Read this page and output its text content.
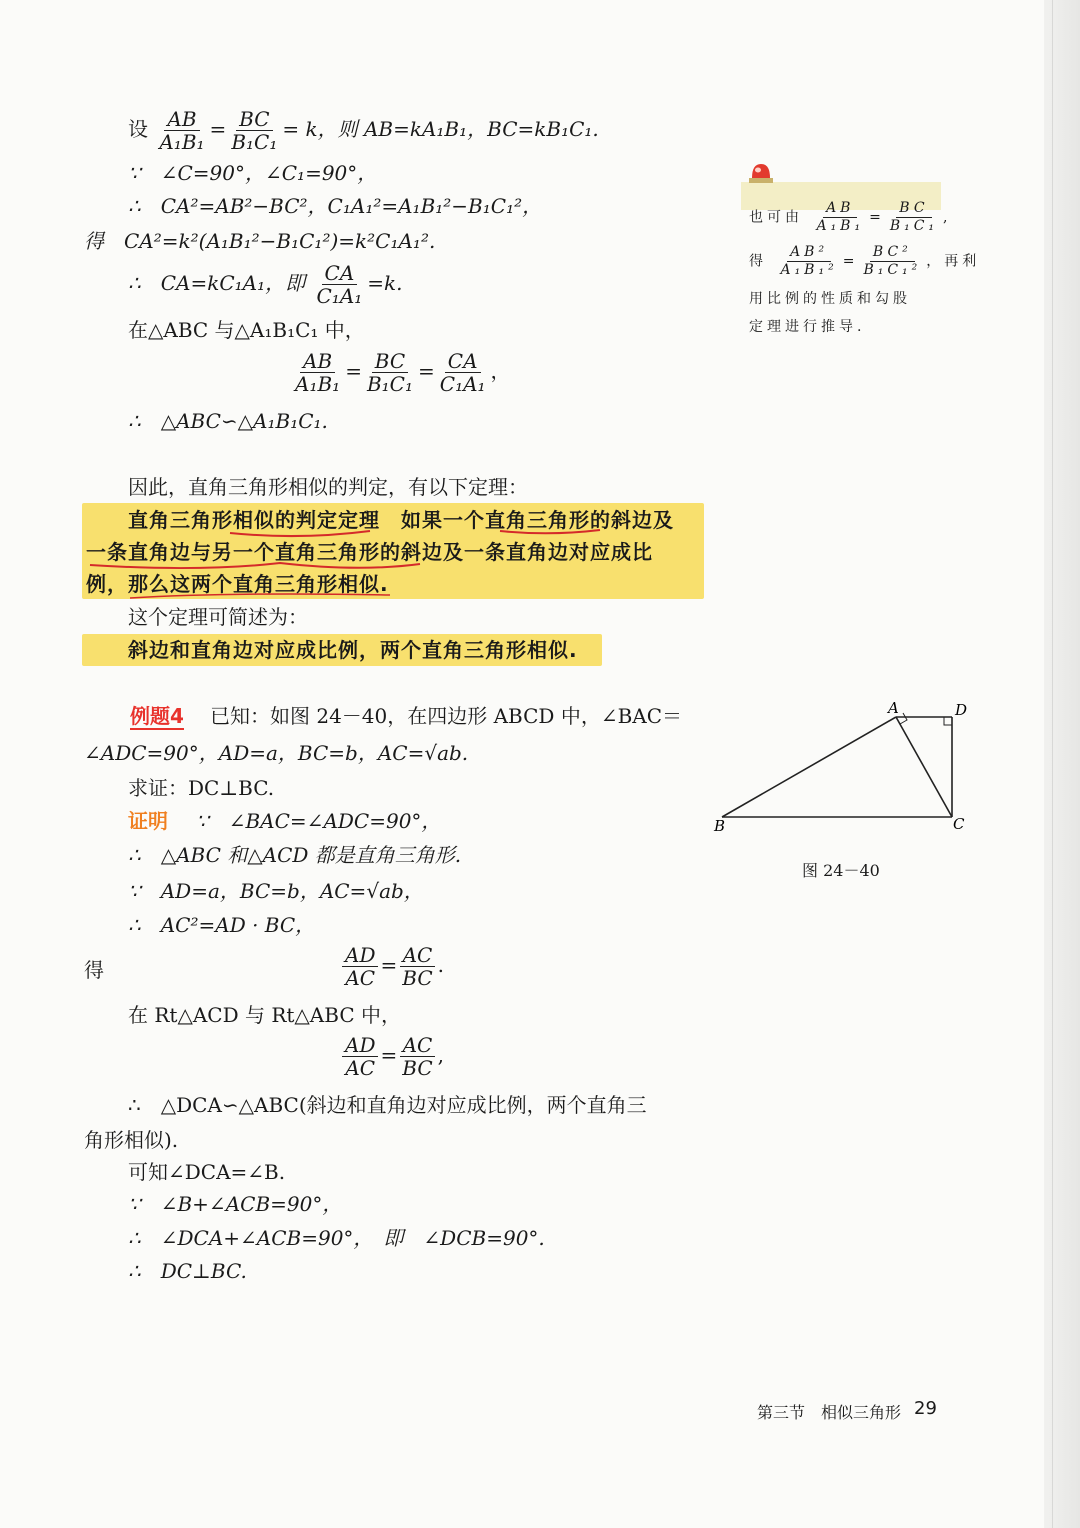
设 $\frac{AB}{\text{A₁B₁}} = \frac{BC}{\text{B₁C₁}} = k$，则 AB=kA₁B₁，BC=kB₁C₁.
∵　∠C=90°，∠C₁=90°，
∴　CA²=AB²−BC²，C₁A₁²=A₁B₁²−B₁C₁²，
得　CA²=k²(A₁B₁²−B₁C₁²)=k²C₁A₁².
∴　CA=kC₁A₁，即 $\frac{CA}{\text{C₁A₁}} =k$.
在△ABC 与△A₁B₁C₁ 中，
$\frac{AB}{\text{A₁B₁}} = \frac{BC}{\text{B₁C₁}} = \frac{CA}{\text{C₁A₁}}$ ，
∴　△ABC∽△A₁B₁C₁.
也可由 $\frac{AB}{\text{A₁B₁}} = \frac{BC}{\text{B₁C₁}}$ ,
得 $\frac{\text{AB²}}{\text{A₁B₁²}} = \frac{\text{BC²}}{\text{B₁C₁²}}$ ，再利
用比例的性质和勾股
定理进行推导.
因此，直角三角形相似的判定，有以下定理：
直角三角形相似的判定定理　 如果一个直角三角形的斜边及
一条直角边与另一个直角三角形的斜边及一条直角边对应成比
例，那么这两个直角三角形相似.
这个定理可简述为：
斜边和直角边对应成比例，两个直角三角形相似.
例题4 已知：如图 24－40，在四边形 ABCD 中，∠BAC＝
∠ADC=90°，AD=a，BC=b，AC=√ab.
求证：DC⊥BC.
证明 ∵　∠BAC=∠ADC=90°，
∴　△ABC 和△ACD 都是直角三角形.
∵　AD=a，BC=b，AC=√ab，
∴　AC²=AD · BC，
得	$\frac{AD}{AC} = \frac{AC}{BC}$ .
在 Rt△ACD 与 Rt△ABC 中，
$\frac{AD}{AC} = \frac{AC}{BC}$ ,
∴　△DCA∽△ABC(斜边和直角边对应成比例，两个直角三
角形相似).
可知∠DCA=∠B.
∵　∠B+∠ACB=90°，
∴　∠DCA+∠ACB=90°，　即　∠DCB=90°.
∴　DC⊥BC.
A	D
B	C
图 24－40
第三节　相似三角形 29
